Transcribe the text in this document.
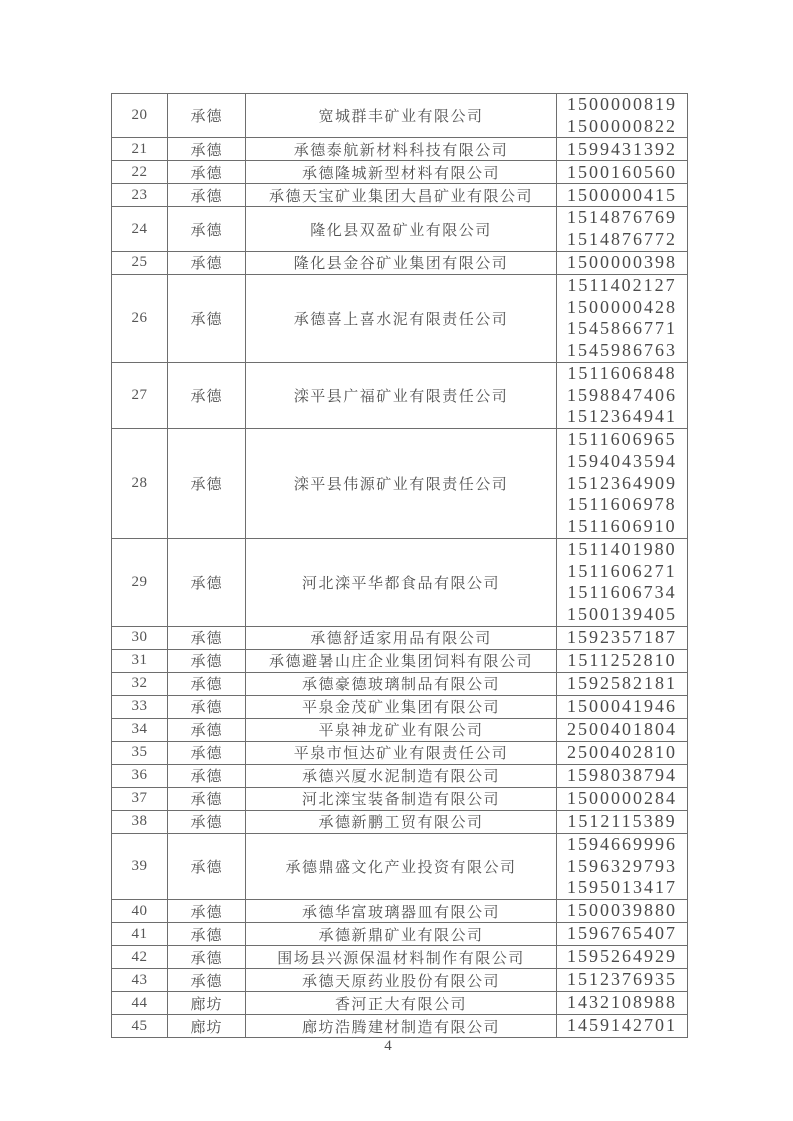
20	承德	宽城群丰矿业有限公司	1500000819
1500000822

21	承德	承德泰航新材料科技有限公司	1599431392

22	承德	承德隆城新型材料有限公司	1500160560

23	承德	承德天宝矿业集团大昌矿业有限公司	1500000415

24	承德	隆化县双盈矿业有限公司	1514876769
1514876772

25	承德	隆化县金谷矿业集团有限公司	1500000398

26	承德	承德喜上喜水泥有限责任公司	1511402127
1500000428
1545866771
1545986763

27	承德	滦平县广福矿业有限责任公司	1511606848
1598847406
1512364941

28	承德	滦平县伟源矿业有限责任公司	1511606965
1594043594
1512364909
1511606978
1511606910

29	承德	河北滦平华都食品有限公司	1511401980
1511606271
1511606734
1500139405

30	承德	承德舒适家用品有限公司	1592357187

31	承德	承德避暑山庄企业集团饲料有限公司	1511252810

32	承德	承德豪德玻璃制品有限公司	1592582181

33	承德	平泉金茂矿业集团有限公司	1500041946

34	承德	平泉神龙矿业有限公司	2500401804

35	承德	平泉市恒达矿业有限责任公司	2500402810

36	承德	承德兴厦水泥制造有限公司	1598038794

37	承德	河北滦宝装备制造有限公司	1500000284

38	承德	承德新鹏工贸有限公司	1512115389

39	承德	承德鼎盛文化产业投资有限公司	1594669996
1596329793
1595013417

40	承德	承德华富玻璃器皿有限公司	1500039880

41	承德	承德新鼎矿业有限公司	1596765407

42	承德	围场县兴源保温材料制作有限公司	1595264929

43	承德	承德天原药业股份有限公司	1512376935

44	廊坊	香河正大有限公司	1432108988

45	廊坊	廊坊浩腾建材制造有限公司	1459142701
4
